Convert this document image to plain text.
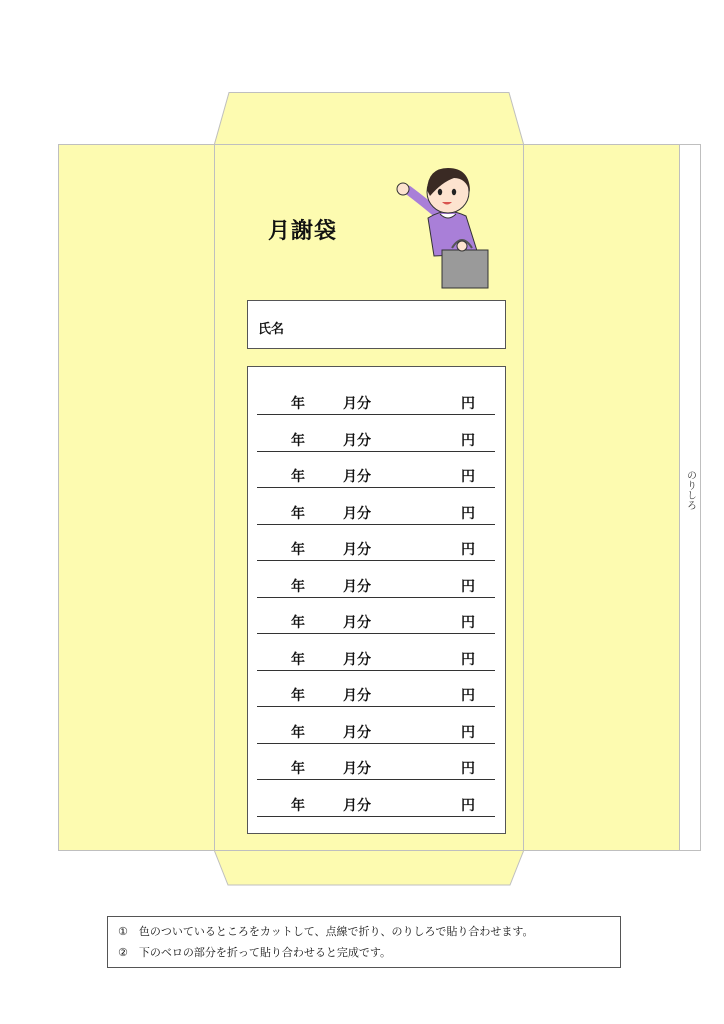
のりしろ
月謝袋
氏名
年	月分	円
年	月分	円
年	月分	円
年	月分	円
年	月分	円
年	月分	円
年	月分	円
年	月分	円
年	月分	円
年	月分	円
年	月分	円
年	月分	円
①　色のついているところをカットして、点線で折り、のりしろで貼り合わせます。
②　下のベロの部分を折って貼り合わせると完成です。
